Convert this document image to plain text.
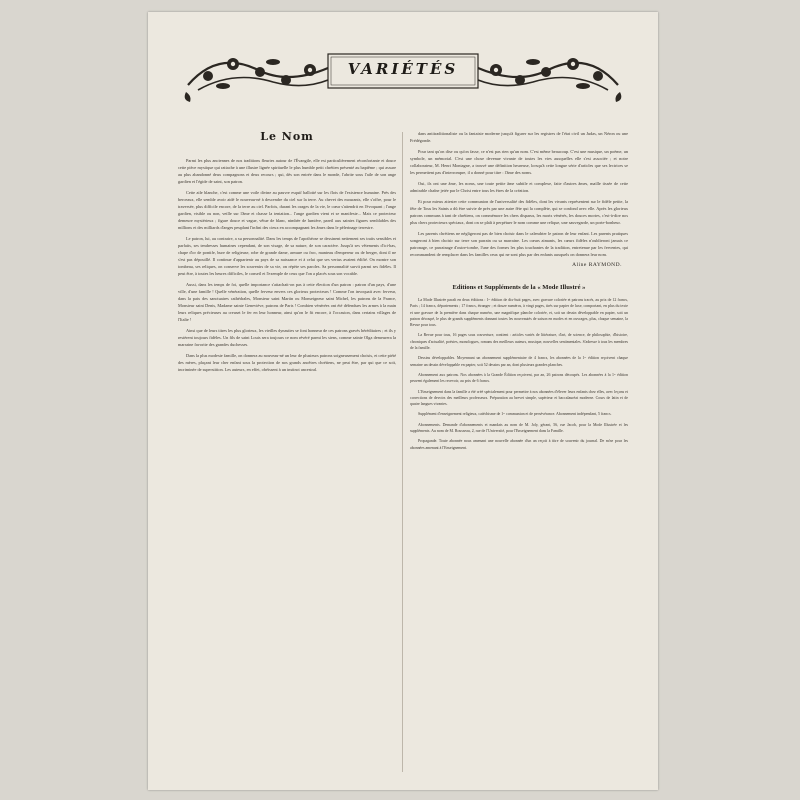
VARIÉTÉS
Le Nom

Parmi les plus anciennes de nos traditions fleuries autour de l'Évangile, elle est particulièrement réconfortante et douce cette pièce mystique qui rattache à une illustre lignée spirituelle le plus humble petit chrétien présenté au baptême ; qui assure au plus abandonné deux compagnons et deux recours ; qui, dès son entrée dans le monde, l'abrite sous l'aile de son ange gardien et l'égide de saint, son patron.

Cette aile blanche, c'est comme une voile divine au pauvre esquif ballotté sur les flots de l'existence humaine. Près des berceaux, elle semble avoir aidé le nouveau-né à descendre du ciel sur la terre. Au chevet des mourants, elle s'offre, pour le traversée, plus difficile encore, de la terre au ciel. Parfois, durant les orages de la vie, le cœur s'attendrit en l'évoquant ; l'ange gardien, visible ou non, veille sur l'âme et chasse la tentation... l'ange gardien vient et se manifeste... Mais ce protecteur demeure mystérieux ; figure douce et vague, vêtue de blanc, nimbée de lumière, pareil aux saintes figures semblables des millions et des milliards d'anges peuplant l'infini des cieux en accompagnant les âmes dans le pèlerinage terrestre.

Le patron, lui, au contraire, a su personnalité. Dans les temps de l'apothéose se dessinent nettement ses traits sensibles et parfaits, ses tendresses humaines cependant, de son visage, de sa nature, de son caractère. Jusqu'à ses vêtements d'ici-bas, chape d'or de pontife, bure de religieuse, robe de grande dame, armure ou froc, manteau d'empereur ou de berger, dont il ne s'est pas dépouillé. Il continue d'appartenir au pays de sa naissance et à celui que ses vertus avaient édifié. On montre son tombeau, ses reliques, on conserve les souvenirs de sa vie, on répète ses paroles. Sa personnalité survit parmi ses fidèles. Il peut être, à toutes les heures difficiles, le conseil et l'exemple de ceux que l'on a placés sous son vocable.

Aussi, dans les temps de foi, quelle importance s'attachait-on pas à cette élection d'un patron : patron d'un pays, d'une ville, d'une famille ! Quelle vénération, quelle ferveur envers ces glorieux protecteurs ! Comme l'on invoquait avec ferveur, dans la paix des sanctuaires cathédrales, Monsieur saint Martin ou Monseigneur saint Michel, les patrons de la France, Monsieur saint Denis, Madame sainte Geneviève, patrons de Paris ! Combien vénérées ont été défendues les armes à la main leurs reliques précieuses au creuset le fer en leur honneur, ainsi qu'on le fit encore, à l'occasion, dans certains villages de l'Italie !

Ainsi que de leurs titres les plus glorieux, les vieilles dynasties se font honneur de ces patrons gravés héréditaires ; et ils y restèrent toujours fidèles. Un fils de saint Louis sera toujours ce nom révéré parmi les siens, comme sainte Olga demeurera la marraine favorite des grandes duchesses.

Dans la plus modeste famille, on donnera au nouveau-né un leur de plusieurs patrons soigneusement choisis, et cette piété des mères, plaçant leur cher enfant sous la protection de nos grands ancêtres chrétiens, ne peut être, par qui que ce soit, incriminée de superstition. Les auteurs, en effet, obéissent à un instinct ancestral.

dans antitraditionaliste ou la fantaisie moderne jusqu'à figurer sur les registres de l'état civil un Judas, un Néron ou une Frédégonde.

Pour tant qu'on dise ou qu'on fasse, ce n'est pas rien qu'un nom. C'est même beaucoup. C'est une musique, un poème, un symbole, un mémorial. C'est une chose devenue vivante de toutes les vies auxquelles elle s'est associée ; et notre collaborateur, M. Henri Montagne, a trouvé une définition heureuse, lorsqu'à cette longue série d'articles que ses lectrices se les permettent pas d'interrompre, il a donné pour titre : l'âme des noms.

Oui, ils ont une âme, les noms, une toute petite âme subtile et complexe, faite d'autres âmes, maille tissée de cette admirable chaîne jetée par le Christ entre tous les êtres de la création.

Et pour mieux attester cette communion de l'universalité des fidèles, dont les vivants représentent sur le fidèle petite, la fête de Tous les Saints a dû être suivie de près par une autre fête qui la complète, qui se confond avec elle. Après les glorieux patrons communs à tant de chrétiens, on commémore les chers disparus, les morts vénérés, les douces mortes, c'est-à-dire nos plus chers protecteurs spéciaux, dont on se plaît à perpétuer le nom comme une relique, une sauvegarde, un porte-bonheur.

Les parents chrétiens ne négligeront pas de bien choisir dans le calendrier le patron de leur enfant. Les parents pratiques songeront à bien choisir sur terre son parrain ou sa marraine. Les cœurs aimants, les cœurs fidèles n'oublieront jamais ce patronage, ce parrainage d'outre-tombe, l'une des formes les plus touchantes de la tradition, entretenue par les ferventes, qui recommandent de remplacer dans les familles ceux qui ne sont plus par des enfants auxquels on donnera leur nom.

Aline RAYMOND.
Editions et Suppléments de la « Mode Illustré »

La Mode Illustrée paraît en deux éditions : 1ʳᵉ édition de dix-huit pages, avec gravure coloriée et patrons tracés, au prix de 12 francs, Paris ; 14 francs, départements ; 17 francs, étranger ; et douze numéros, à vingt pages, tirés sur papier de luxe, comportant, en plus du texte et une gravure de la première dans chaque numéro, une magnifique planche coloriée, et, soit un dessin développable en papier, soit un patron découpé, le plus de grands suppléments donnant toutes les nouveautés de saison en modes et en ouvrages, plus, chaque semaine, la Revue pour tous.

La Revue pour tous, 16 pages sous couverture, contient : articles variés de littérature, d'art, de science, de philosophie, d'histoire, chroniques d'actualité, poésies, monologues, romans des meilleurs auteurs, musique, nouvelles sentimentales. S'adresse à tous les membres de la famille.

Dessins développables. Moyennant un abonnement supplémentaire de 4 francs, les abonnées de la 1ʳᵉ édition reçoivent chaque semaine un dessin développable en papier, soit 52 dessins par an, dont plusieurs grandes planches.

Abonnement aux patrons. Nos abonnées à la Grande Édition reçoivent, par an, 26 patrons découpés. Les abonnées à la 1ʳᵉ édition peuvent également les recevoir, au prix de 6 francs.

L'Enseignement dans la famille a été créé spécialement pour permettre à nos abonnées d'élever leurs enfants chez elles, avec leçons et corrections de devoirs des meilleurs professeurs. Préparation au brevet simple, supérieur et baccalauréat moderne. Cours de latin et de quatre langues vivantes.

Supplément d'enseignement religieux, catéchisme de 1ʳᵉ communion et de persévérance. Abonnement indépendant, 5 francs.

Abonnements. Demande d'abonnements et mandats au nom de M. Joly, gérant, 56, rue Jacob, pour la Mode Illustrée et les suppléments. Au nom de M. Rousseau, 2, rue de l'Université, pour l'Enseignement dans la Famille.

Propagande. Toute abonnée nous amenant une nouvelle abonnée d'un an reçoit à titre de souvenir du journal. De m'ne pour les abonnées amenant à l'Enseignement.
